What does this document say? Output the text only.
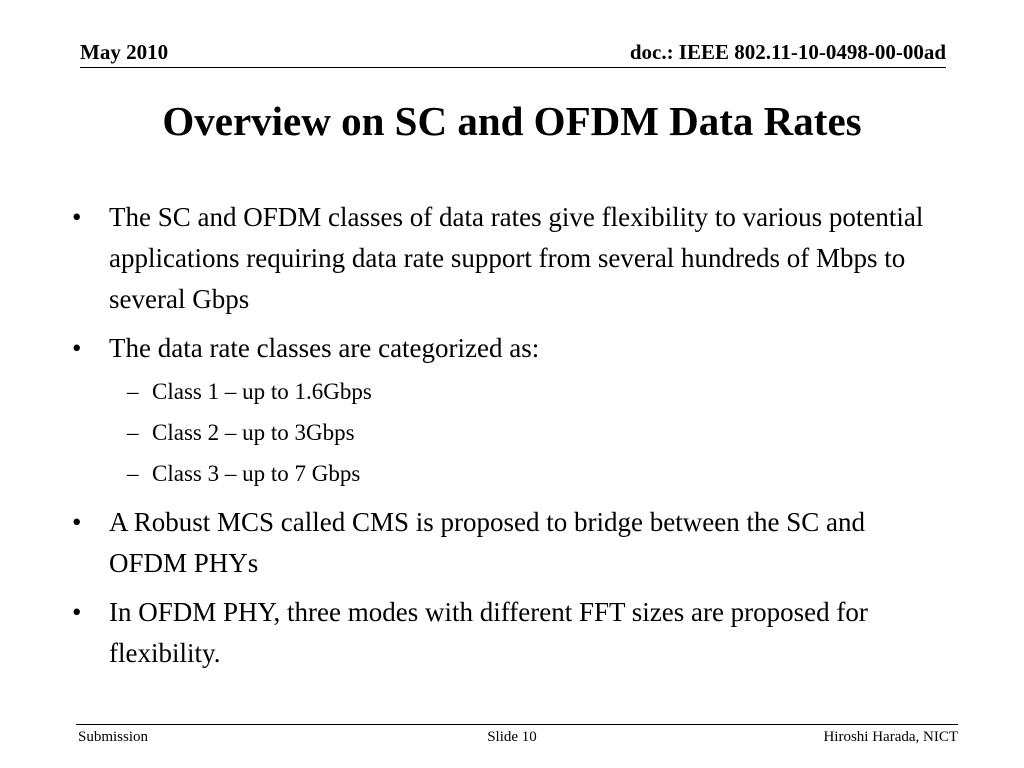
May 2010	doc.: IEEE 802.11-10-0498-00-00ad
Overview on SC and OFDM Data Rates
• The SC and OFDM classes of data rates give flexibility to various potential applications requiring data rate support from several hundreds of Mbps to several Gbps
• The data rate classes are categorized as:
– Class 1 – up to 1.6Gbps
– Class 2 – up to 3Gbps
– Class 3 – up to 7 Gbps
• A Robust MCS called CMS is proposed to bridge between the SC and OFDM PHYs
• In OFDM PHY, three modes with different FFT sizes are proposed for flexibility.
Submission	Slide 10	Hiroshi Harada, NICT
